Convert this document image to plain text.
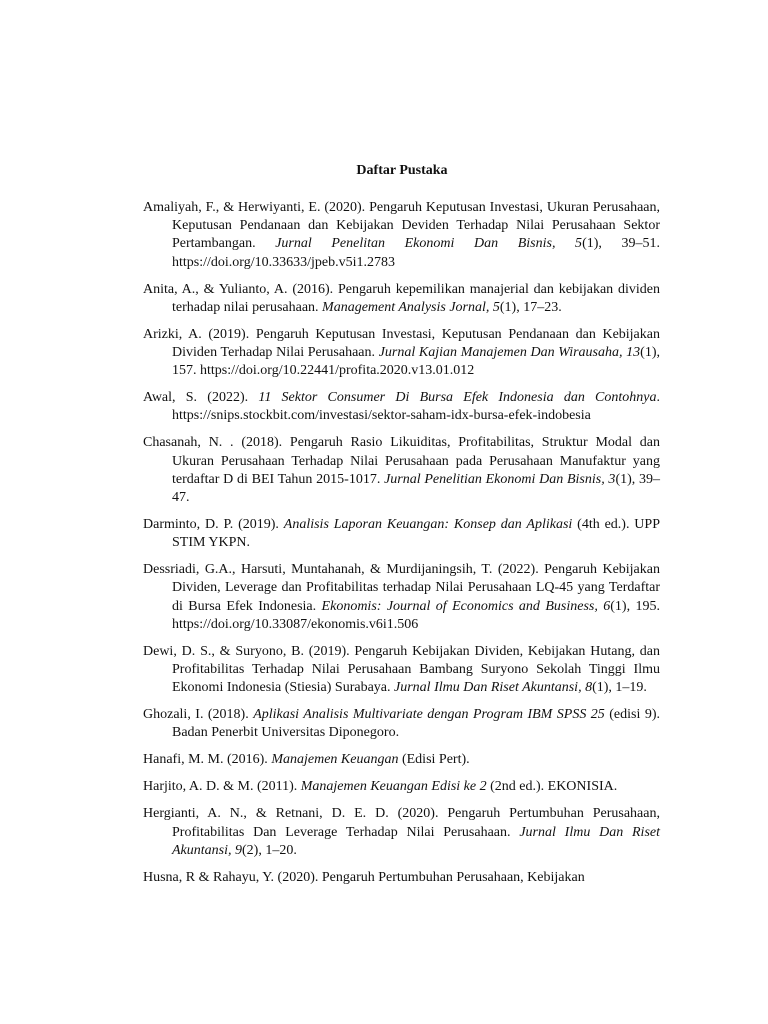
Daftar Pustaka

Amaliyah, F., & Herwiyanti, E. (2020). Pengaruh Keputusan Investasi, Ukuran Perusahaan, Keputusan Pendanaan dan Kebijakan Deviden Terhadap Nilai Perusahaan Sektor Pertambangan. Jurnal Penelitan Ekonomi Dan Bisnis, 5(1), 39–51. https://doi.org/10.33633/jpeb.v5i1.2783

Anita, A., & Yulianto, A. (2016). Pengaruh kepemilikan manajerial dan kebijakan dividen terhadap nilai perusahaan. Management Analysis Jornal, 5(1), 17–23.

Arizki, A. (2019). Pengaruh Keputusan Investasi, Keputusan Pendanaan dan Kebijakan Dividen Terhadap Nilai Perusahaan. Jurnal Kajian Manajemen Dan Wirausaha, 13(1), 157. https://doi.org/10.22441/profita.2020.v13.01.012

Awal, S. (2022). 11 Sektor Consumer Di Bursa Efek Indonesia dan Contohnya. https://snips.stockbit.com/investasi/sektor-saham-idx-bursa-efek-indobesia

Chasanah, N. . (2018). Pengaruh Rasio Likuiditas, Profitabilitas, Struktur Modal dan Ukuran Perusahaan Terhadap Nilai Perusahaan pada Perusahaan Manufaktur yang terdaftar D di BEI Tahun 2015-1017. Jurnal Penelitian Ekonomi Dan Bisnis, 3(1), 39–47.

Darminto, D. P. (2019). Analisis Laporan Keuangan: Konsep dan Aplikasi (4th ed.). UPP STIM YKPN.

Dessriadi, G.A., Harsuti, Muntahanah, & Murdijaningsih, T. (2022). Pengaruh Kebijakan Dividen, Leverage dan Profitabilitas terhadap Nilai Perusahaan LQ-45 yang Terdaftar di Bursa Efek Indonesia. Ekonomis: Journal of Economics and Business, 6(1), 195. https://doi.org/10.33087/ekonomis.v6i1.506

Dewi, D. S., & Suryono, B. (2019). Pengaruh Kebijakan Dividen, Kebijakan Hutang, dan Profitabilitas Terhadap Nilai Perusahaan Bambang Suryono Sekolah Tinggi Ilmu Ekonomi Indonesia (Stiesia) Surabaya. Jurnal Ilmu Dan Riset Akuntansi, 8(1), 1–19.

Ghozali, I. (2018). Aplikasi Analisis Multivariate dengan Program IBM SPSS 25 (edisi 9). Badan Penerbit Universitas Diponegoro.

Hanafi, M. M. (2016). Manajemen Keuangan (Edisi Pert).

Harjito, A. D. & M. (2011). Manajemen Keuangan Edisi ke 2 (2nd ed.). EKONISIA.

Hergianti, A. N., & Retnani, D. E. D. (2020). Pengaruh Pertumbuhan Perusahaan, Profitabilitas Dan Leverage Terhadap Nilai Perusahaan. Jurnal Ilmu Dan Riset Akuntansi, 9(2), 1–20.

Husna, R & Rahayu, Y. (2020). Pengaruh Pertumbuhan Perusahaan, Kebijakan
